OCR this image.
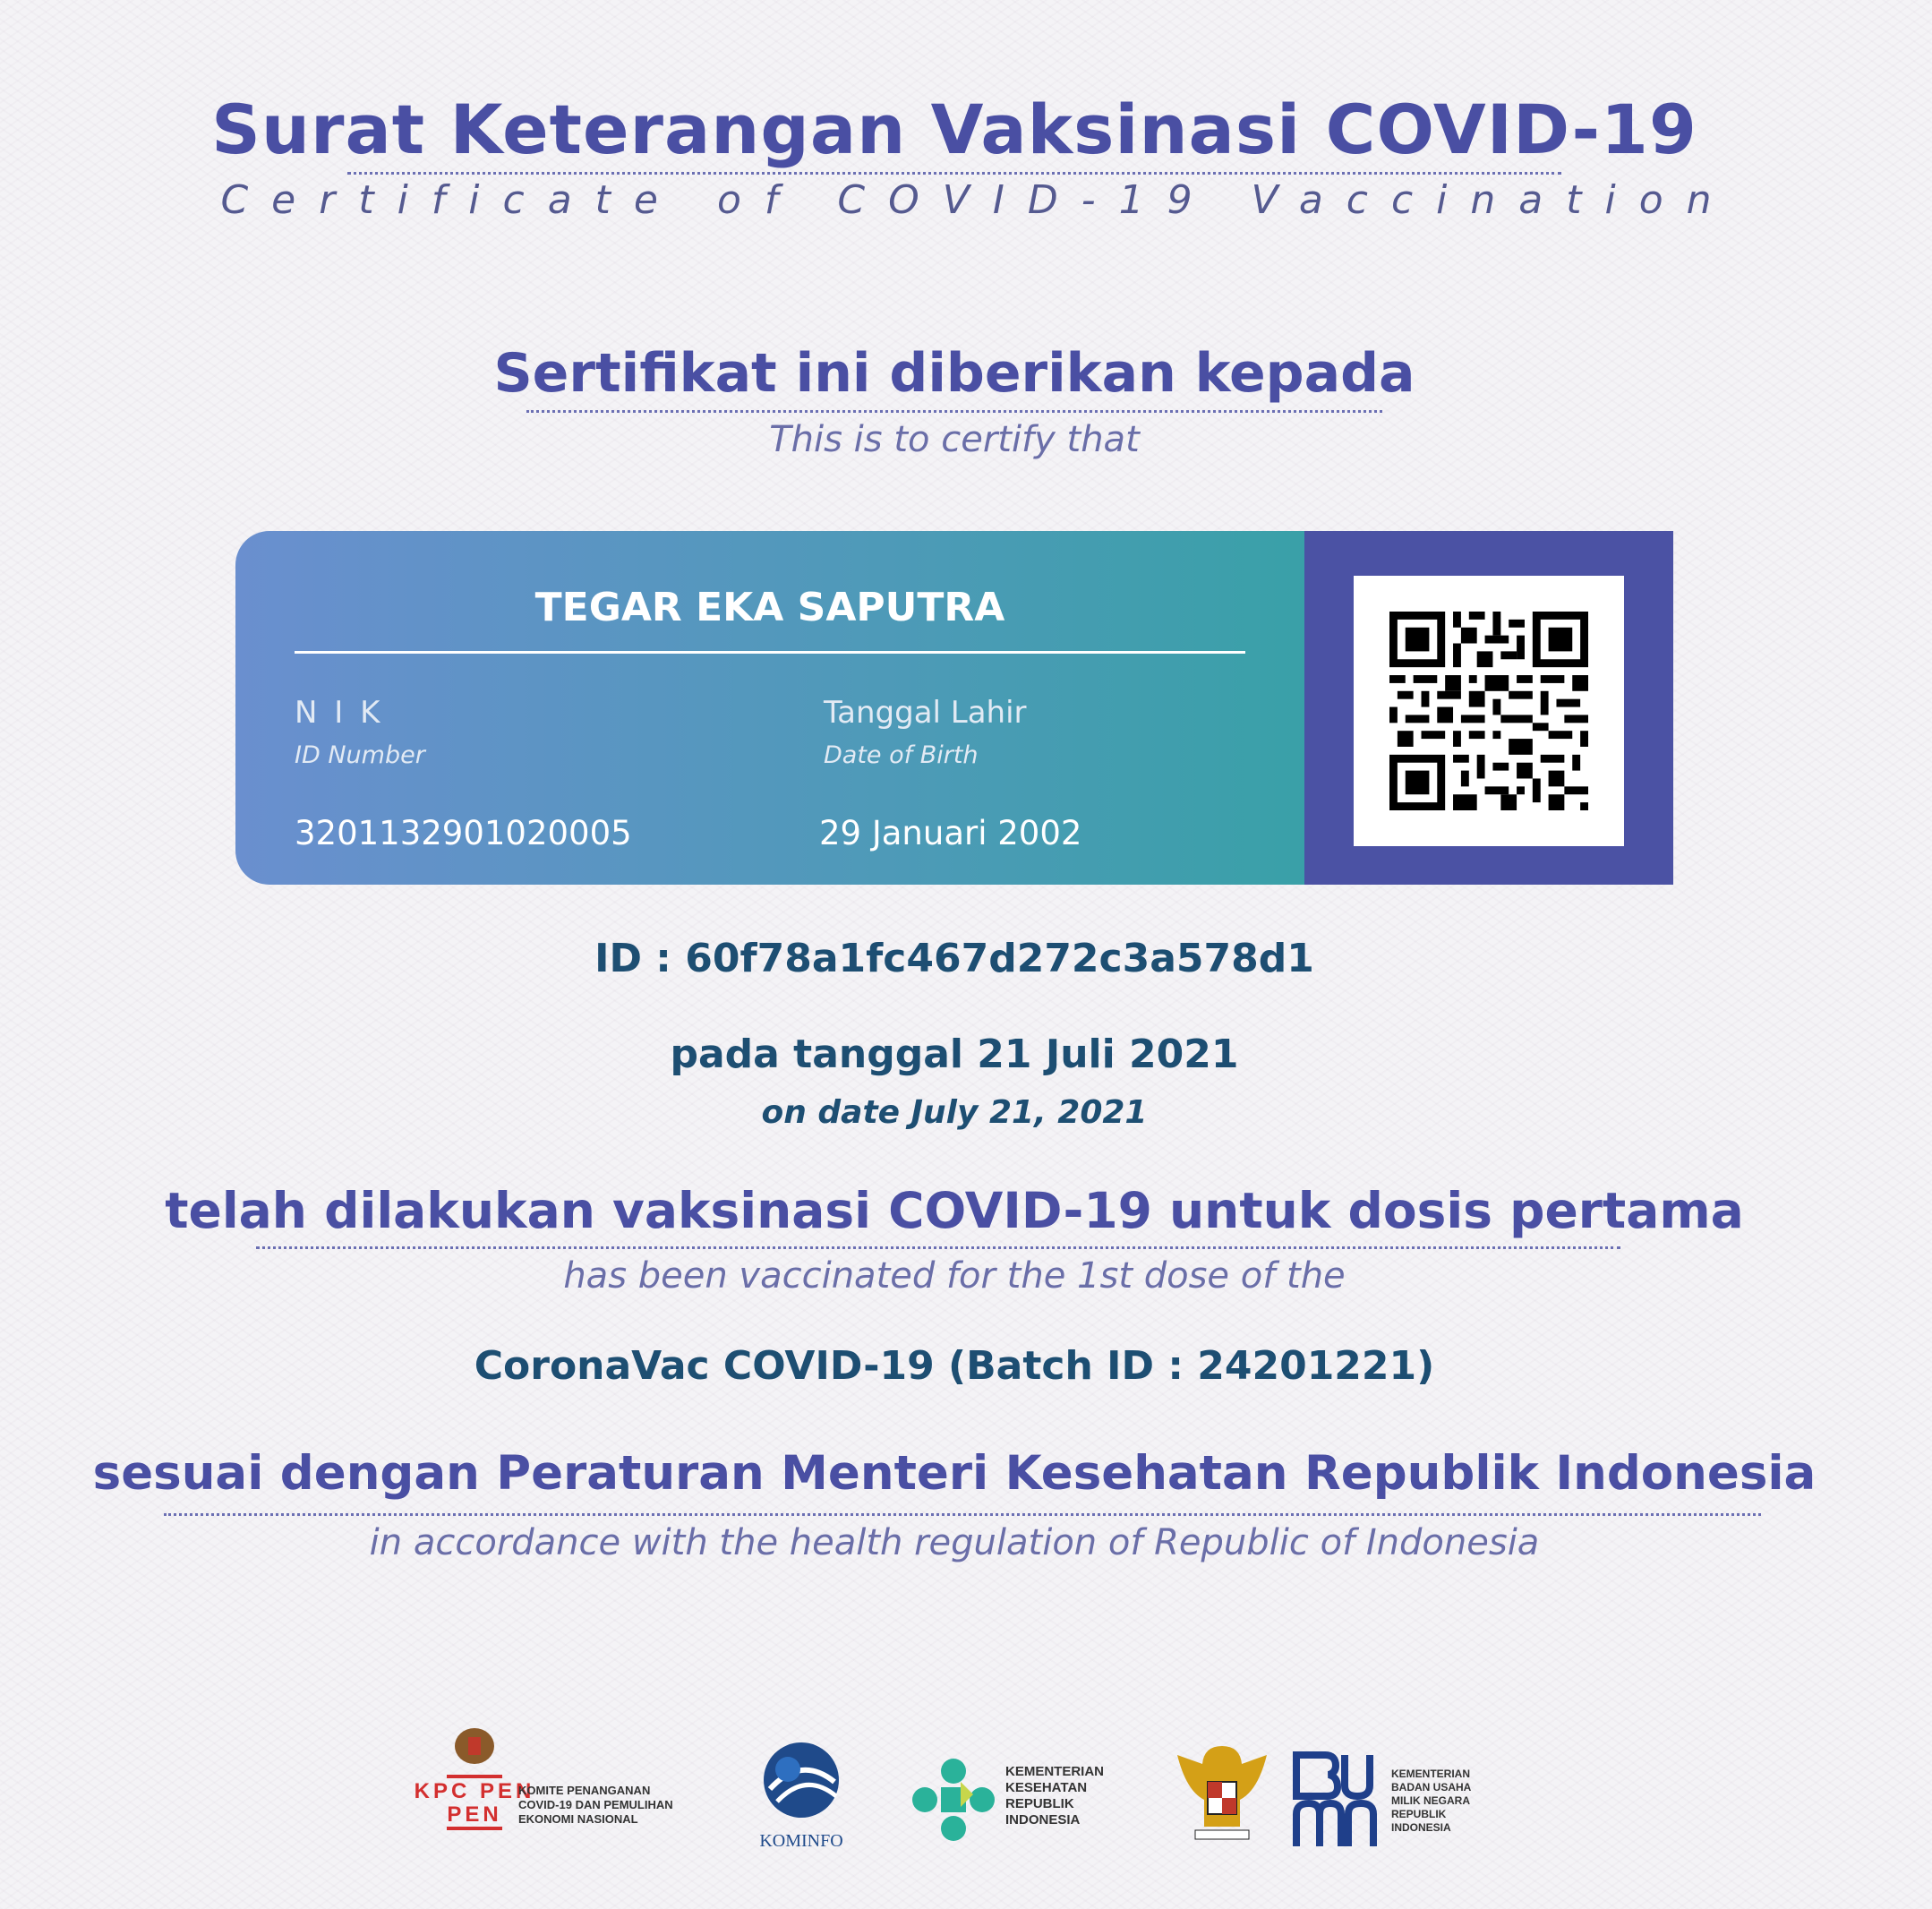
Surat Keterangan Vaksinasi COVID-19
Certificate of COVID-19 Vaccination
Sertifikat ini diberikan kepada
This is to certify that
TEGAR EKA SAPUTRA
N I K
ID Number
3201132901020005
Tanggal Lahir
Date of Birth
29 Januari 2002
ID : 60f78a1fc467d272c3a578d1
pada tanggal 21 Juli 2021
on date July 21, 2021
telah dilakukan vaksinasi COVID-19 untuk dosis pertama
has been vaccinated for the 1st dose of the
CoronaVac COVID-19 (Batch ID : 24201221)
sesuai dengan Peraturan Menteri Kesehatan Republik Indonesia
in accordance with the health regulation of Republic of Indonesia
KPC PEN
PEN
KOMITE PENANGANAN
COVID-19 DAN PEMULIHAN
EKONOMI NASIONAL
KOMINFO
KEMENTERIAN
KESEHATAN
REPUBLIK
INDONESIA
KEMENTERIAN
BADAN USAHA
MILIK NEGARA
REPUBLIK
INDONESIA
